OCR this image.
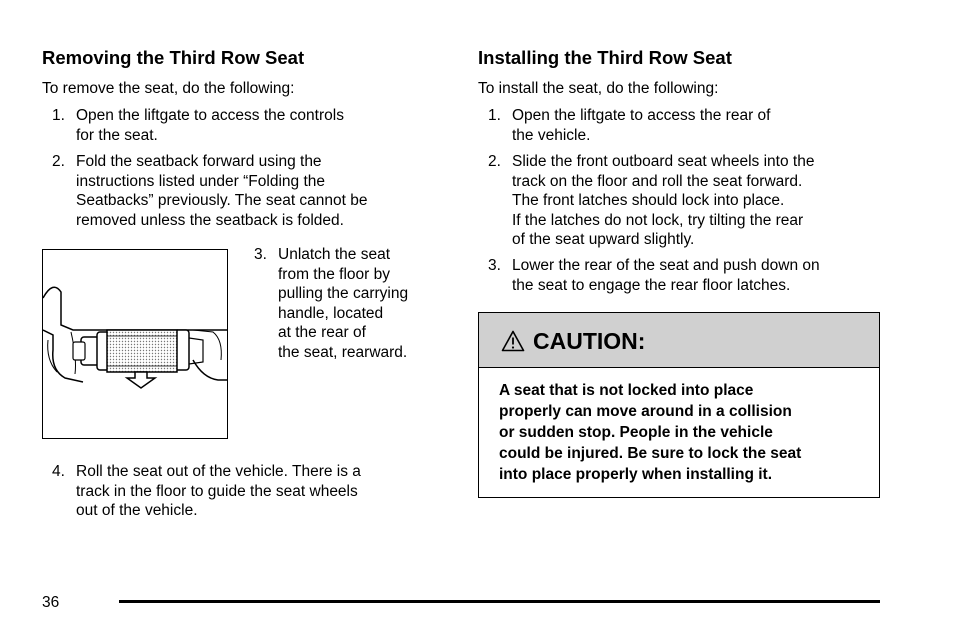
Removing the Third Row Seat
To remove the seat, do the following:
1. Open the liftgate to access the controls
for the seat.
2. Fold the seatback forward using the
instructions listed under “Folding the
Seatbacks” previously. The seat cannot be
removed unless the seatback is folded.
3. Unlatch the seat
from the floor by
pulling the carrying
handle, located
at the rear of
the seat, rearward.
4. Roll the seat out of the vehicle. There is a
track in the floor to guide the seat wheels
out of the vehicle.
Installing the Third Row Seat
To install the seat, do the following:
1. Open the liftgate to access the rear of
the vehicle.
2. Slide the front outboard seat wheels into the
track on the floor and roll the seat forward.
The front latches should lock into place.
If the latches do not lock, try tilting the rear
of the seat upward slightly.
3. Lower the rear of the seat and push down on
the seat to engage the rear floor latches.
CAUTION:
A seat that is not locked into place
properly can move around in a collision
or sudden stop. People in the vehicle
could be injured. Be sure to lock the seat
into place properly when installing it.
36
